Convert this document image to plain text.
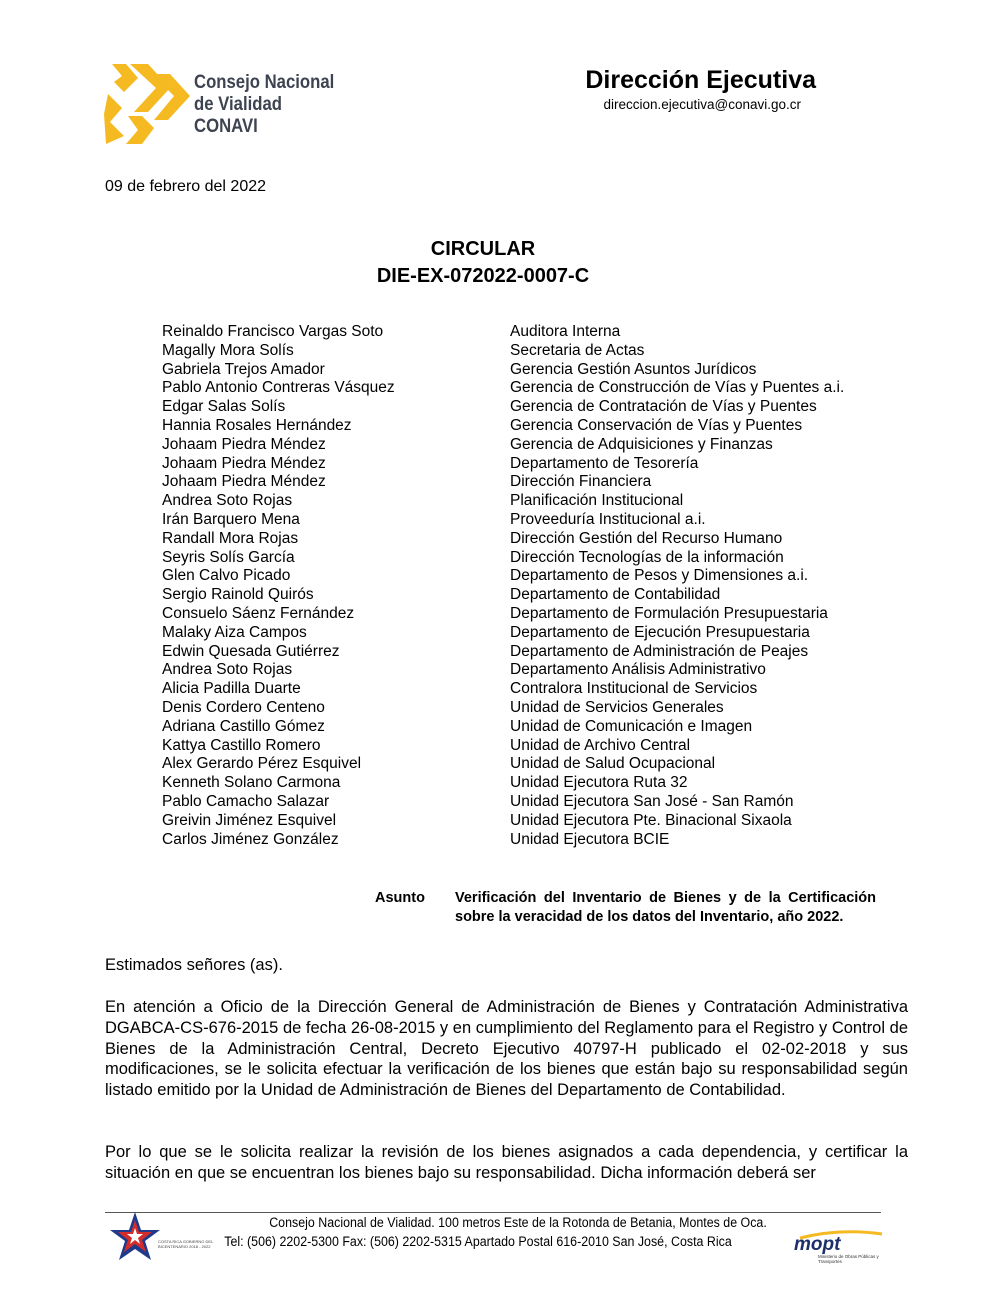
Consejo Nacional
de Vialidad
CONAVI
Dirección Ejecutiva
direccion.ejecutiva@conavi.go.cr
09 de febrero del 2022
CIRCULAR
DIE-EX-072022-0007-C
Reinaldo Francisco Vargas Soto	Auditora Interna
Magally Mora Solís	Secretaria de Actas
Gabriela Trejos Amador	Gerencia Gestión Asuntos Jurídicos
Pablo Antonio Contreras Vásquez	Gerencia de Construcción de Vías y Puentes a.i.
Edgar Salas Solís	Gerencia de Contratación de Vías y Puentes
Hannia Rosales Hernández	Gerencia Conservación de Vías y Puentes
Johaam Piedra Méndez	Gerencia de Adquisiciones y Finanzas
Johaam Piedra Méndez	Departamento de Tesorería
Johaam Piedra Méndez	Dirección Financiera
Andrea Soto Rojas	Planificación Institucional
Irán Barquero Mena	Proveeduría Institucional a.i.
Randall Mora Rojas	Dirección Gestión del Recurso Humano
Seyris Solís García	Dirección Tecnologías de la información
Glen Calvo Picado	Departamento de Pesos y Dimensiones a.i.
Sergio Rainold Quirós	Departamento de Contabilidad
Consuelo Sáenz Fernández	Departamento de Formulación Presupuestaria
Malaky Aiza Campos	Departamento de Ejecución Presupuestaria
Edwin Quesada Gutiérrez	Departamento de Administración de Peajes
Andrea Soto Rojas	Departamento Análisis Administrativo
Alicia Padilla Duarte	Contralora Institucional de Servicios
Denis Cordero Centeno	Unidad de Servicios Generales
Adriana Castillo Gómez	Unidad de Comunicación e Imagen
Kattya Castillo Romero	Unidad de Archivo Central
Alex Gerardo Pérez Esquivel	Unidad de Salud Ocupacional
Kenneth Solano Carmona	Unidad Ejecutora Ruta 32
Pablo Camacho Salazar	Unidad Ejecutora San José - San Ramón
Greivin Jiménez Esquivel	Unidad Ejecutora Pte. Binacional Sixaola
Carlos Jiménez González	Unidad Ejecutora BCIE
Asunto Verificación del Inventario de Bienes y de la Certificación sobre la veracidad de los datos del Inventario, año 2022.
Estimados señores (as).
En atención a Oficio de la Dirección General de Administración de Bienes y Contratación Administrativa DGABCA-CS-676-2015 de fecha 26-08-2015 y en cumplimiento del Reglamento para el Registro y Control de Bienes de la Administración Central, Decreto Ejecutivo 40797-H publicado el 02-02-2018 y sus modificaciones, se le solicita efectuar la verificación de los bienes que están bajo su responsabilidad según listado emitido por la Unidad de Administración de Bienes del Departamento de Contabilidad.
Por lo que se le solicita realizar la revisión de los bienes asignados a cada dependencia, y certificar la situación en que se encuentran los bienes bajo su responsabilidad. Dicha información deberá ser
COSTA RICA GOBIERNO DEL BICENTENARIO 2018 - 2022
Consejo Nacional de Vialidad. 100 metros Este de la Rotonda de Betania, Montes de Oca.
Tel: (506) 2202-5300 Fax: (506) 2202-5315 Apartado Postal 616-2010 San José, Costa Rica	mopt
Ministerio de Obras Públicas y Transportes
